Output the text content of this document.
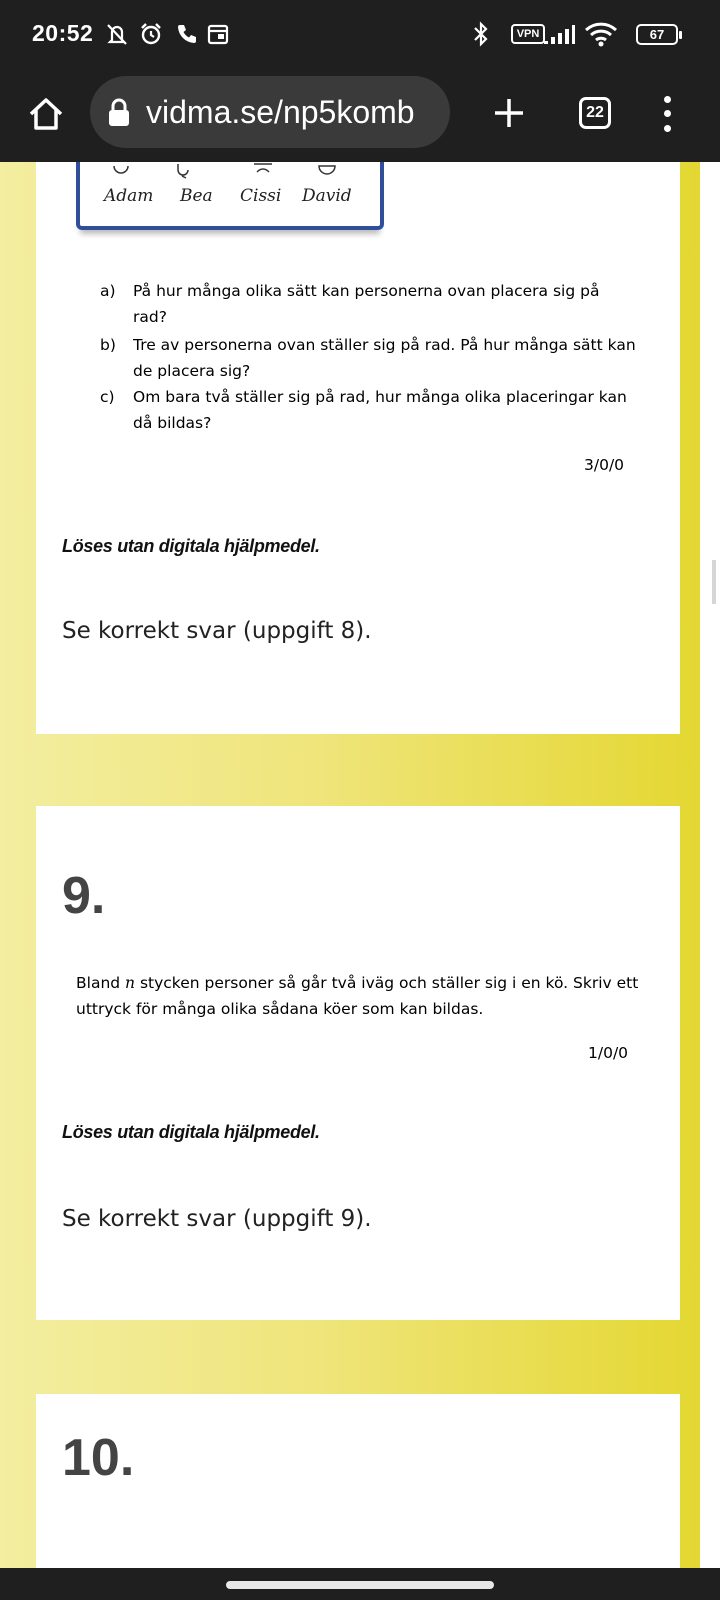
20:52	VPN	67
vidma.se/np5komb	22
Adam Bea Cissi David
a)	På hur många olika sätt kan personerna ovan placera sig på rad?
b)	Tre av personerna ovan ställer sig på rad. På hur många sätt kan de placera sig?
c)	Om bara två ställer sig på rad, hur många olika placeringar kan då bildas?
3/0/0
Löses utan digitala hjälpmedel.
Se korrekt svar (uppgift 8).
9.
Bland n stycken personer så går två iväg och ställer sig i en kö. Skriv ett uttryck för många olika sådana köer som kan bildas.
1/0/0
Löses utan digitala hjälpmedel.
Se korrekt svar (uppgift 9).
10.
